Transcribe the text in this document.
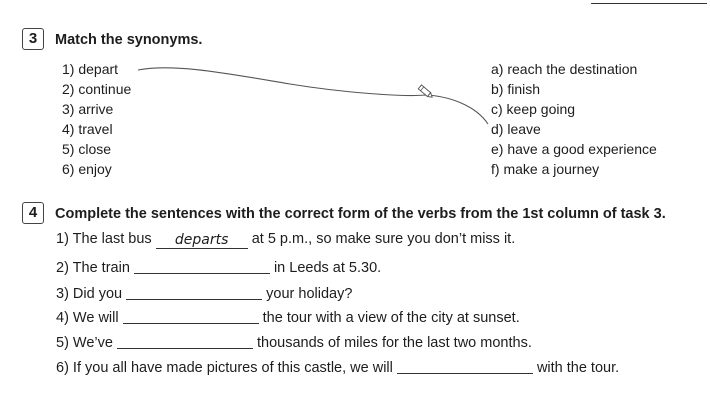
3	Match the synonyms.
1) depart
2) continue
3) arrive
4) travel
5) close
6) enjoy
a) reach the destination
b) finish
c) keep going
d) leave
e) have a good experience
f) make a journey
4	Complete the sentences with the correct form of the verbs from the 1st column of task 3.
1) The last bus departs at 5 p.m., so make sure you don’t miss it.
2) The train	in Leeds at 5.30.
3) Did you	your holiday?
4) We will	the tour with a view of the city at sunset.
5) We’ve	thousands of miles for the last two months.
6) If you all have made pictures of this castle, we will	with the tour.
